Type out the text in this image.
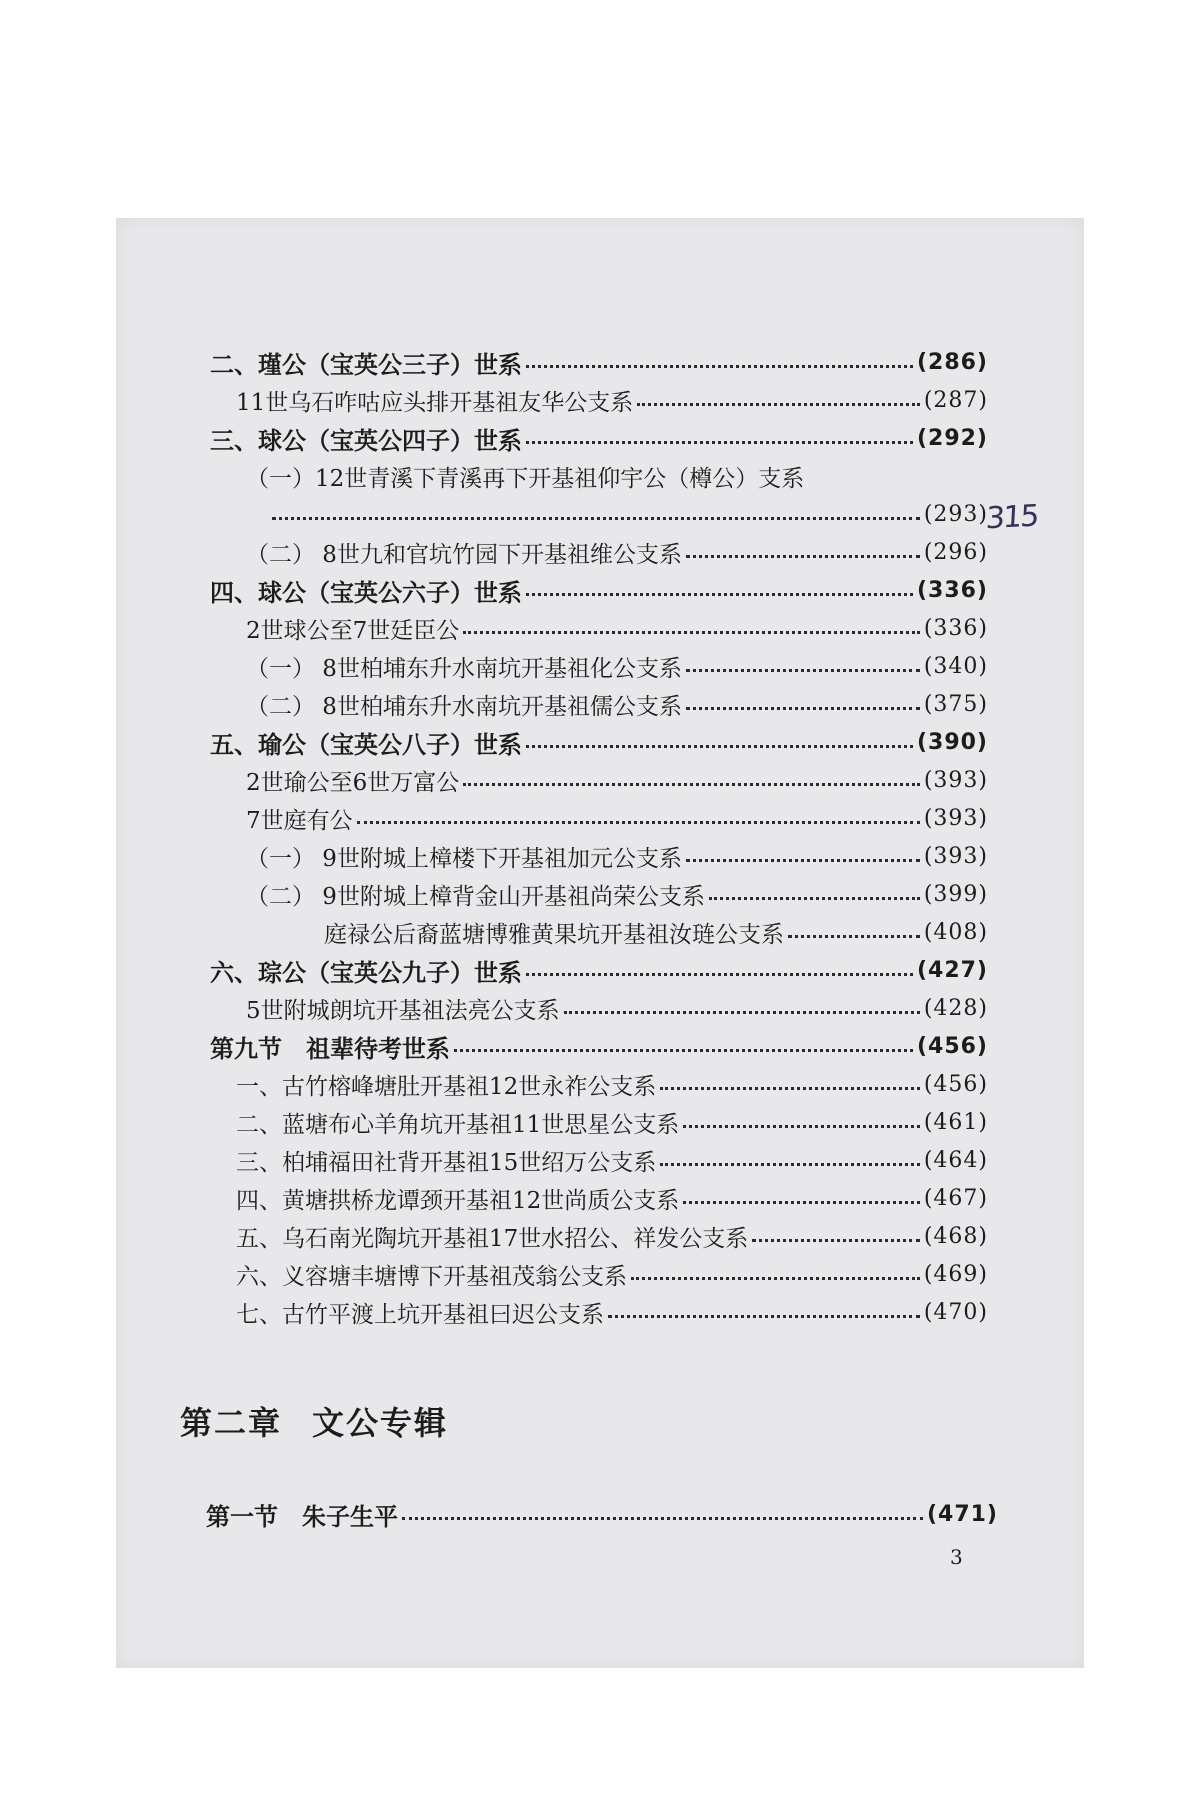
二、瑾公（宝英公三子）世系	(286)
11世乌石咋咕应头排开基祖友华公支系	(287)
三、球公（宝英公四子）世系	(292)
（一）12世青溪下青溪再下开基祖仰宇公（樽公）支系
(293)
（二） 8世九和官坑竹园下开基祖维公支系	(296)
四、球公（宝英公六子）世系	(336)
2世球公至7世廷臣公	(336)
（一） 8世柏埔东升水南坑开基祖化公支系	(340)
（二） 8世柏埔东升水南坑开基祖儒公支系	(375)
五、瑜公（宝英公八子）世系	(390)
2世瑜公至6世万富公	(393)
7世庭有公	(393)
（一） 9世附城上樟楼下开基祖加元公支系	(393)
（二） 9世附城上樟背金山开基祖尚荣公支系	(399)
庭禄公后裔蓝塘博雅黄果坑开基祖汝琏公支系	(408)
六、琮公（宝英公九子）世系	(427)
5世附城朗坑开基祖法亮公支系	(428)
第九节　祖辈待考世系	(456)
一、古竹榕峰塘肚开基祖12世永祚公支系	(456)
二、蓝塘布心羊角坑开基祖11世思星公支系	(461)
三、柏埔福田社背开基祖15世绍万公支系	(464)
四、黄塘拱桥龙谭颈开基祖12世尚质公支系	(467)
五、乌石南光陶坑开基祖17世水招公、祥发公支系	(468)
六、义容塘丰塘博下开基祖茂翁公支系	(469)
七、古竹平渡上坑开基祖曰迟公支系	(470)
第二章 文公专辑
第一节　朱子生平	(471)
315
3
